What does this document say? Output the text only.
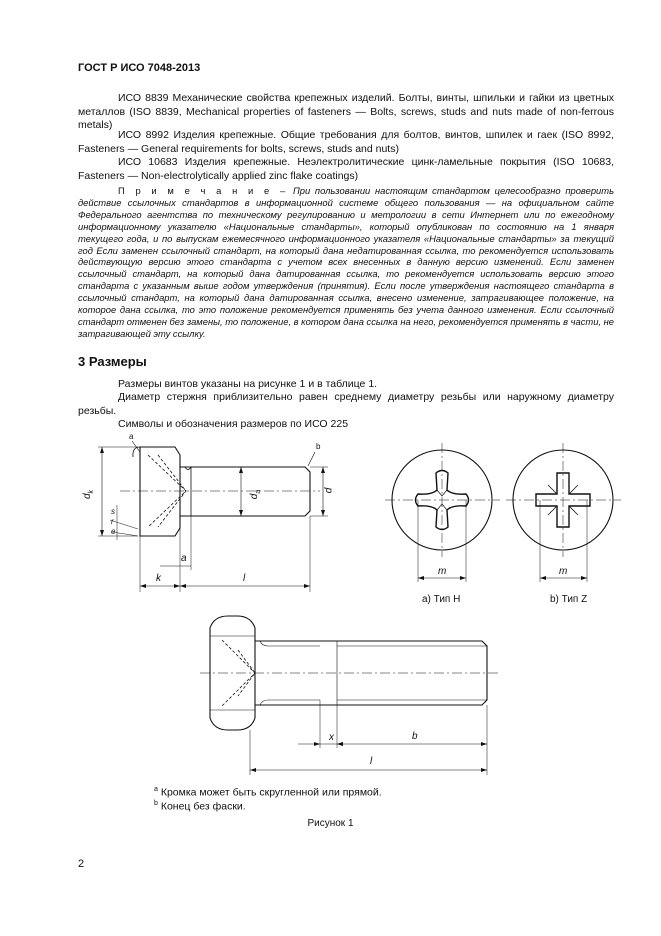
ГОСТ Р ИСО 7048-2013
ИСО 8839 Механические свойства крепежных изделий. Болты, винты, шпильки и гайки из цветных металлов (ISO 8839, Mechanical properties of fasteners — Bolts, screws, studs and nuts made of non-ferrous metals)
ИСО 8992 Изделия крепежные. Общие требования для болтов, винтов, шпилек и гаек (ISO 8992, Fasteners — General requirements for bolts, screws, studs and nuts)
ИСО 10683 Изделия крепежные. Неэлектролитические цинк-ламельные покрытия (ISO 10683, Fasteners — Non-electrolytically applied zinc flake coatings)
П р и м е ч а н и е – При пользовании настоящим стандартом целесообразно проверить действие ссылочных стандартов в информационной системе общего пользования — на официальном сайте Федерального агентства по техническому регулированию и метрологии в сети Интернет или по ежегодному информационному указателю «Национальные стандарты», который опубликован по состоянию на 1 января текущего года, и по выпускам ежемесячного информационного указателя «Национальные стандарты» за текущий год Если заменен ссылочный стандарт, на который дана недатированная ссылка, то рекомендуется использовать действующую версию этого стандарта с учетом всех внесенных в данную версию изменений. Если заменен ссылочный стандарт, на который дана датированная ссылка, то рекомендуется использовать версию этого стандарта с указанным выше годом утверждения (принятия). Если после утверждения настоящего стандарта в ссылочный стандарт, на который дана датированная ссылка, внесено изменение, затрагивающее положение, на которое дана ссылка, то это положение рекомендуется применять без учета данного изменения. Если ссылочный стандарт отменен без замены, то положение, в котором дана ссылка на него, рекомендуется применять в части, не затрагивающей эту ссылку.
3 Размеры
Размеры винтов указаны на рисунке 1 и в таблице 1.
Диаметр стержня приблизительно равен среднему диаметру резьбы или наружному диаметру резьбы.
Символы и обозначения размеров по ИСО 225
a
b
$d_k$
$d_a$	d
s
r
e
k
a
l
m	m
а) Тип H	b) Тип Z
x	b
l
$^a$ Кромка может быть скругленной или прямой.
$^b$ Конец без фаски.
Рисунок 1
2
